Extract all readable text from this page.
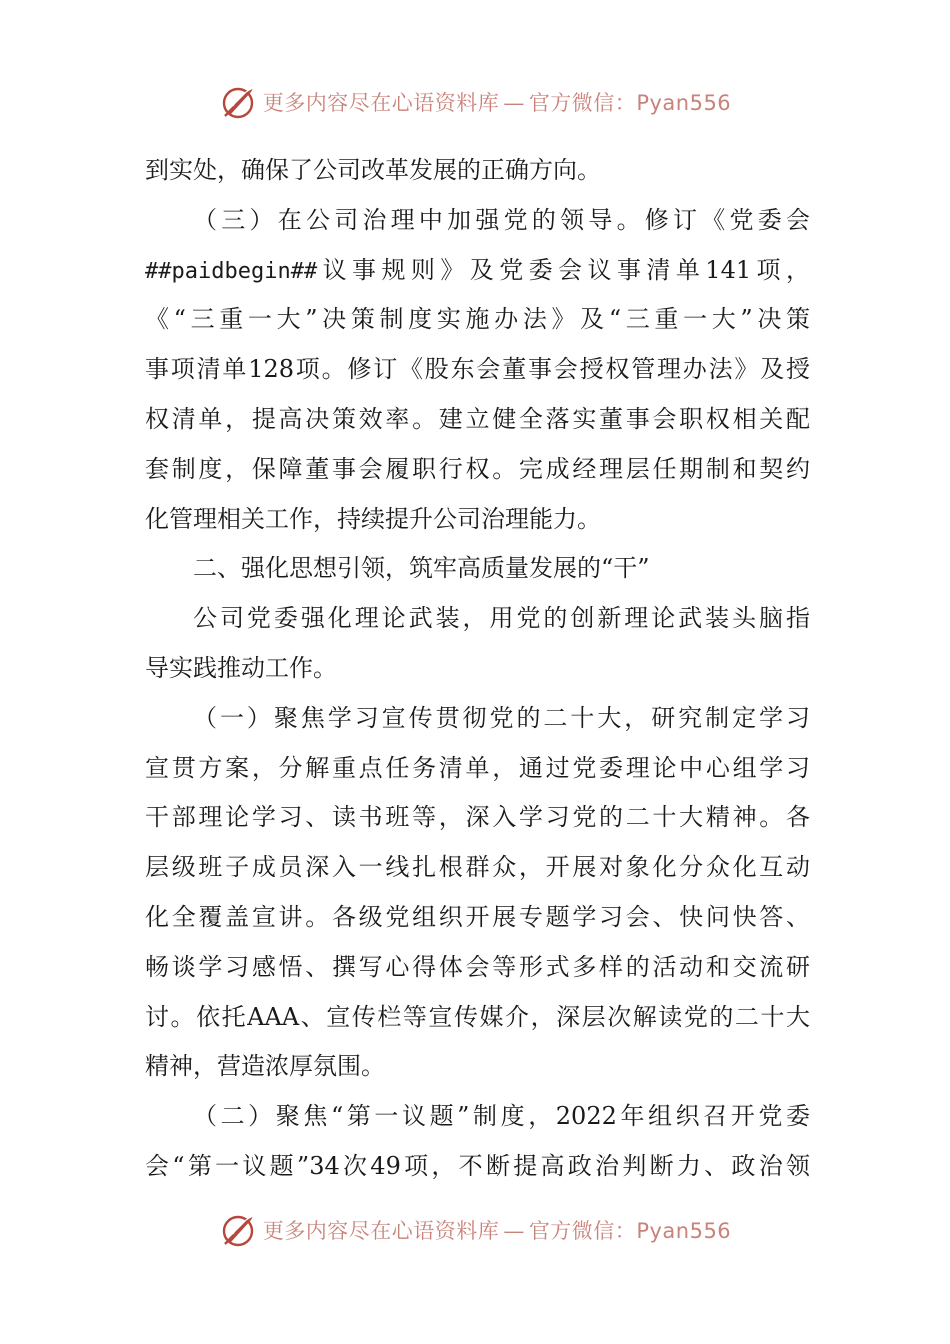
更多内容尽在心语资料库 — 官方微信：Pyan556
到实处，确保了公司改革发展的正确方向。
（三）在公司治理中加强党的领导。修订《党委会
##paidbegin##议事规则》及党委会议事清单141项，
《“三重一大”决策制度实施办法》及“三重一大”决策
事项清单128项。修订《股东会董事会授权管理办法》及授
权清单，提高决策效率。建立健全落实董事会职权相关配
套制度，保障董事会履职行权。完成经理层任期制和契约
化管理相关工作，持续提升公司治理能力。
二、强化思想引领，筑牢高质量发展的“干”
公司党委强化理论武装，用党的创新理论武装头脑指
导实践推动工作。
（一）聚焦学习宣传贯彻党的二十大，研究制定学习
宣贯方案，分解重点任务清单，通过党委理论中心组学习
干部理论学习、读书班等，深入学习党的二十大精神。各
层级班子成员深入一线扎根群众，开展对象化分众化互动
化全覆盖宣讲。各级党组织开展专题学习会、快问快答、
畅谈学习感悟、撰写心得体会等形式多样的活动和交流研
讨。依托AAA、宣传栏等宣传媒介，深层次解读党的二十大
精神，营造浓厚氛围。
（二）聚焦“第一议题”制度，2022年组织召开党委
会“第一议题”34次49项，不断提高政治判断力、政治领
更多内容尽在心语资料库 — 官方微信：Pyan556
